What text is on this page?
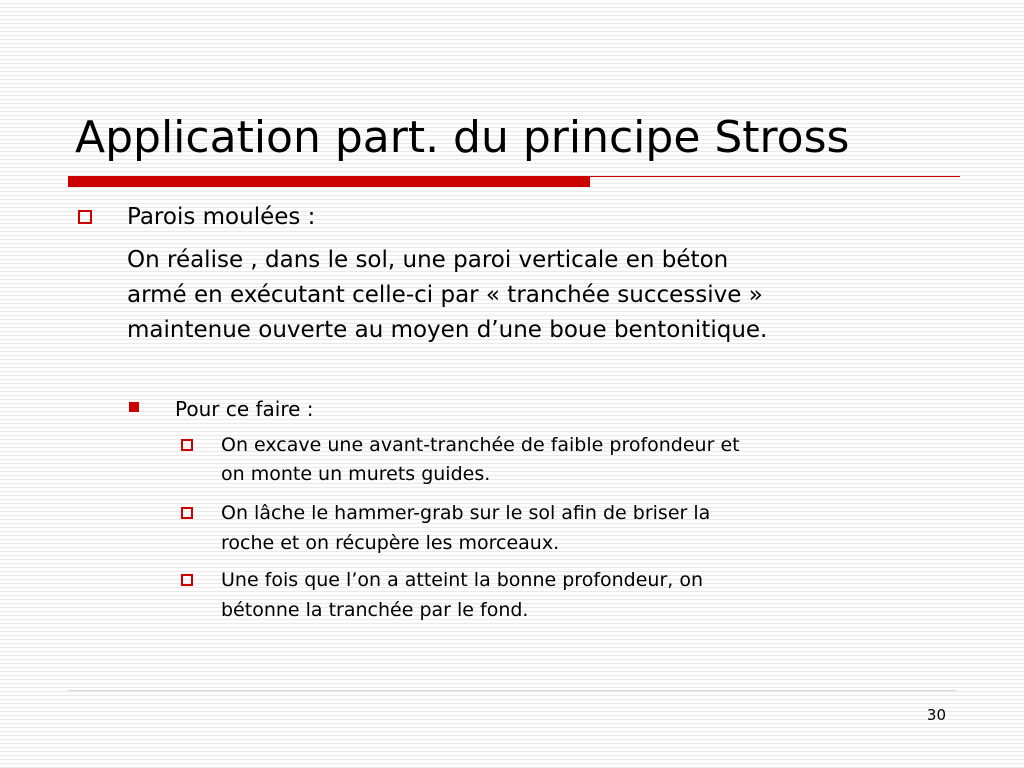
Application part. du principe Stross
Parois moulées :
On réalise , dans le sol, une paroi verticale en béton
armé en exécutant celle-ci par « tranchée successive »
maintenue ouverte au moyen d’une boue bentonitique.
Pour ce faire :
On excave une avant-tranchée de faible profondeur et
on monte un murets guides.
On lâche le hammer-grab sur le sol afin de briser la
roche et on récupère les morceaux.
Une fois que l’on a atteint la bonne profondeur, on
bétonne la tranchée par le fond.
30
